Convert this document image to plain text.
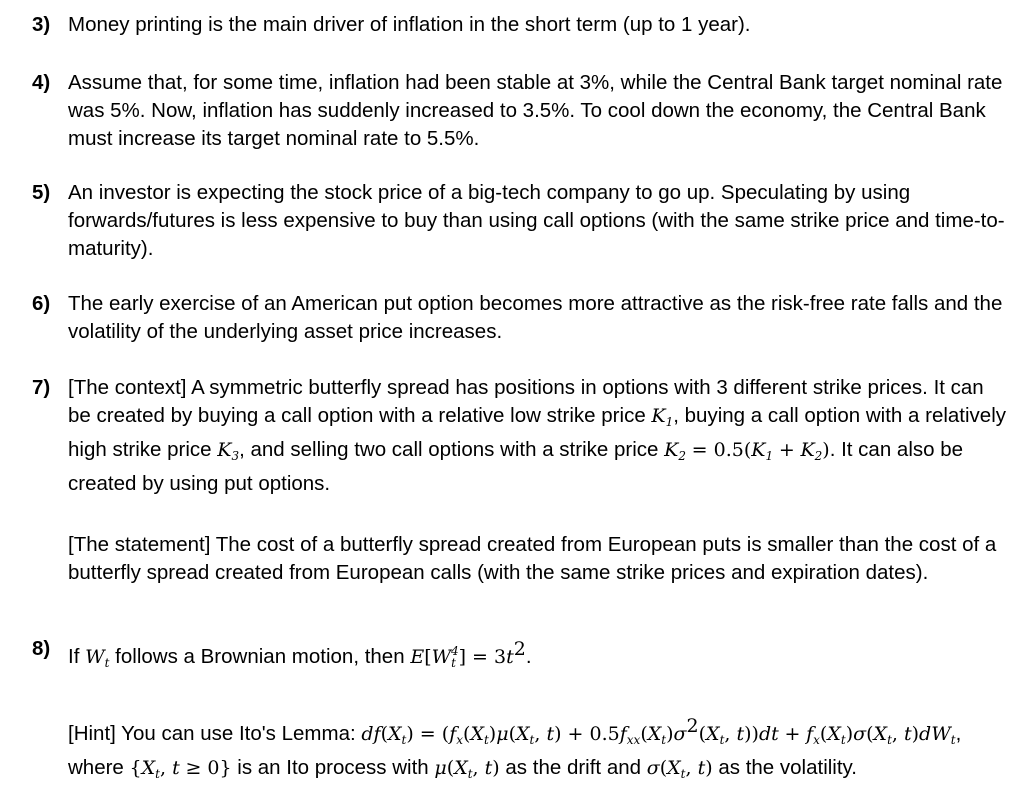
3) Money printing is the main driver of inflation in the short term (up to 1 year).

4) Assume that, for some time, inflation had been stable at 3%, while the Central Bank target nominal rate was 5%. Now, inflation has suddenly increased to 3.5%. To cool down the economy, the Central Bank must increase its target nominal rate to 5.5%.

5) An investor is expecting the stock price of a big-tech company to go up. Speculating by using forwards/futures is less expensive to buy than using call options (with the same strike price and time-to-maturity).

6) The early exercise of an American put option becomes more attractive as the risk-free rate falls and the volatility of the underlying asset price increases.

7) [The context] A symmetric butterfly spread has positions in options with 3 different strike prices. It can be created by buying a call option with a relative low strike price $K_1$, buying a call option with a relatively high strike price $K_3$, and selling two call options with a strike price $K_2 = 0.5(K_1 + K_2)$. It can also be created by using put options.

[The statement] The cost of a butterfly spread created from European puts is smaller than the cost of a butterfly spread created from European calls (with the same strike prices and expiration dates).

8) If $W_t$ follows a Brownian motion, then $E[W_t^4] = 3t^2$.

[Hint] You can use Ito's Lemma: $df(X_t) = (f_x(X_t)\mu(X_t$, $t) + 0.5f_{xx}(X_t)\sigma^2(X_t$, $t))dt + f_x(X_t)\sigma(X_t$, $t)dW_t$, where {$X_t$, t ≥ 0} is an Ito process with $\mu(X_t$, t) as the drift and $\sigma(X_t$, t) as the volatility.
